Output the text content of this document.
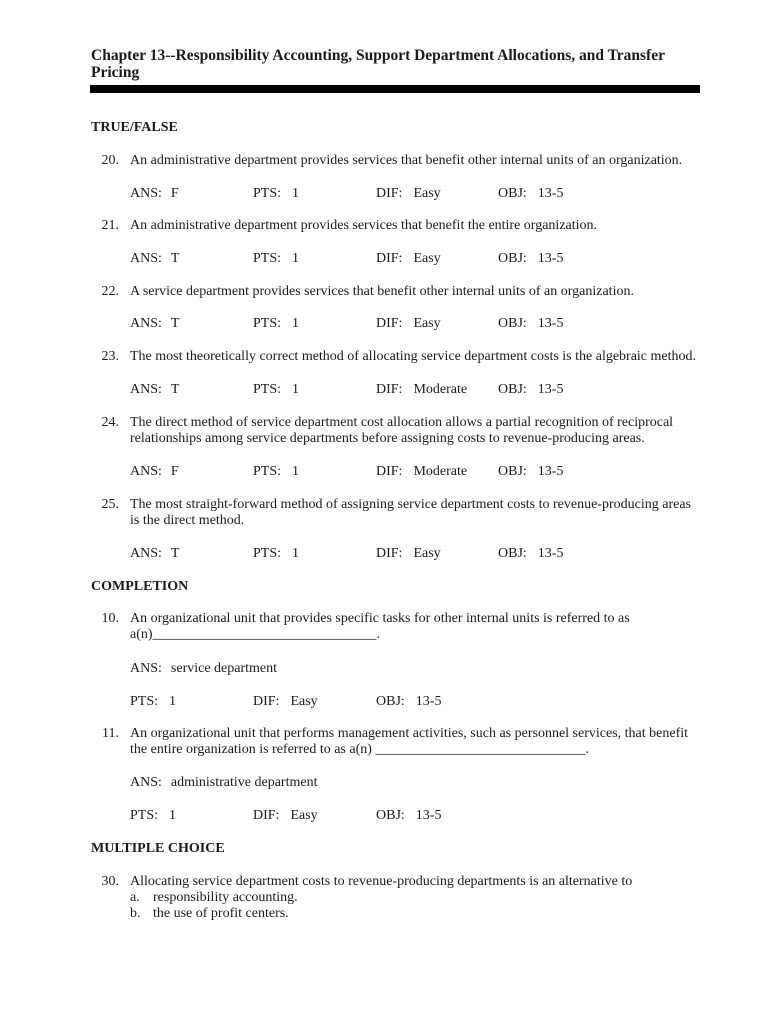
Chapter 13--Responsibility Accounting, Support Department Allocations, and Transfer Pricing
TRUE/FALSE
20. An administrative department provides services that benefit other internal units of an organization.
ANS: F	PTS: 1	DIF: Easy	OBJ: 13-5
21. An administrative department provides services that benefit the entire organization.
ANS: T	PTS: 1	DIF: Easy	OBJ: 13-5
22. A service department provides services that benefit other internal units of an organization.
ANS: T	PTS: 1	DIF: Easy	OBJ: 13-5
23. The most theoretically correct method of allocating service department costs is the algebraic method.
ANS: T	PTS: 1	DIF: Moderate OBJ: 13-5
24. The direct method of service department cost allocation allows a partial recognition of reciprocal relationships among service departments before assigning costs to revenue-producing areas.
ANS: F	PTS: 1	DIF: Moderate OBJ: 13-5
25. The most straight-forward method of assigning service department costs to revenue-producing areas is the direct method.
ANS: T	PTS: 1	DIF: Easy	OBJ: 13-5
COMPLETION
10. An organizational unit that provides specific tasks for other internal units is referred to as a(n)________________________________.
ANS: service department
PTS: 1	DIF: Easy	OBJ: 13-5
11. An organizational unit that performs management activities, such as personnel services, that benefit the entire organization is referred to as a(n) ______________________________.
ANS: administrative department
PTS: 1	DIF: Easy	OBJ: 13-5
MULTIPLE CHOICE
30. Allocating service department costs to revenue-producing departments is an alternative to
a. responsibility accounting.
b. the use of profit centers.
